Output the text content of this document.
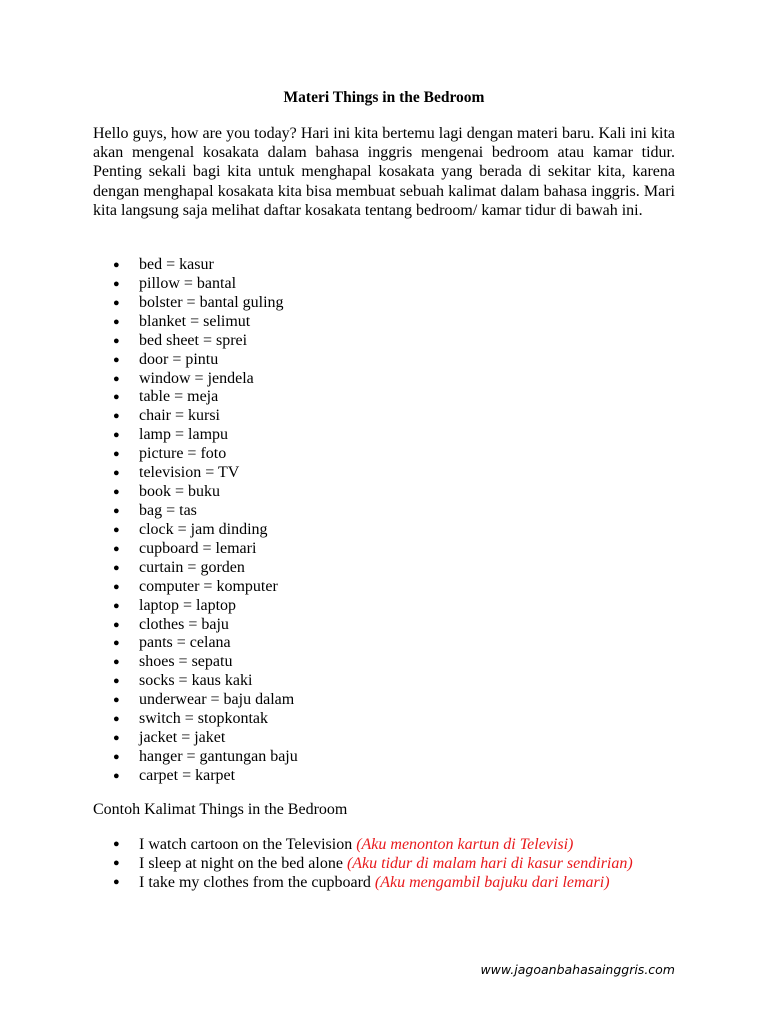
Materi Things in the Bedroom

Hello guys, how are you today? Hari ini kita bertemu lagi dengan materi baru. Kali ini kita akan mengenal kosakata dalam bahasa inggris mengenai bedroom atau kamar tidur. Penting sekali bagi kita untuk menghapal kosakata yang berada di sekitar kita, karena dengan menghapal kosakata kita bisa membuat sebuah kalimat dalam bahasa inggris. Mari kita langsung saja melihat daftar kosakata tentang bedroom/ kamar tidur di bawah ini.

● bed = kasur
● pillow = bantal
● bolster = bantal guling
● blanket = selimut
● bed sheet = sprei
● door = pintu
● window = jendela
● table = meja
● chair = kursi
● lamp = lampu
● picture = foto
● television = TV
● book = buku
● bag = tas
● clock = jam dinding
● cupboard = lemari
● curtain = gorden
● computer = komputer
● laptop = laptop
● clothes = baju
● pants = celana
● shoes = sepatu
● socks = kaus kaki
● underwear = baju dalam
● switch = stopkontak
● jacket = jaket
● hanger = gantungan baju
● carpet = karpet

Contoh Kalimat Things in the Bedroom

● I watch cartoon on the Television (Aku menonton kartun di Televisi)
● I sleep at night on the bed alone (Aku tidur di malam hari di kasur sendirian)
● I take my clothes from the cupboard (Aku mengambil bajuku dari lemari)
www.jagoanbahasainggris.com
